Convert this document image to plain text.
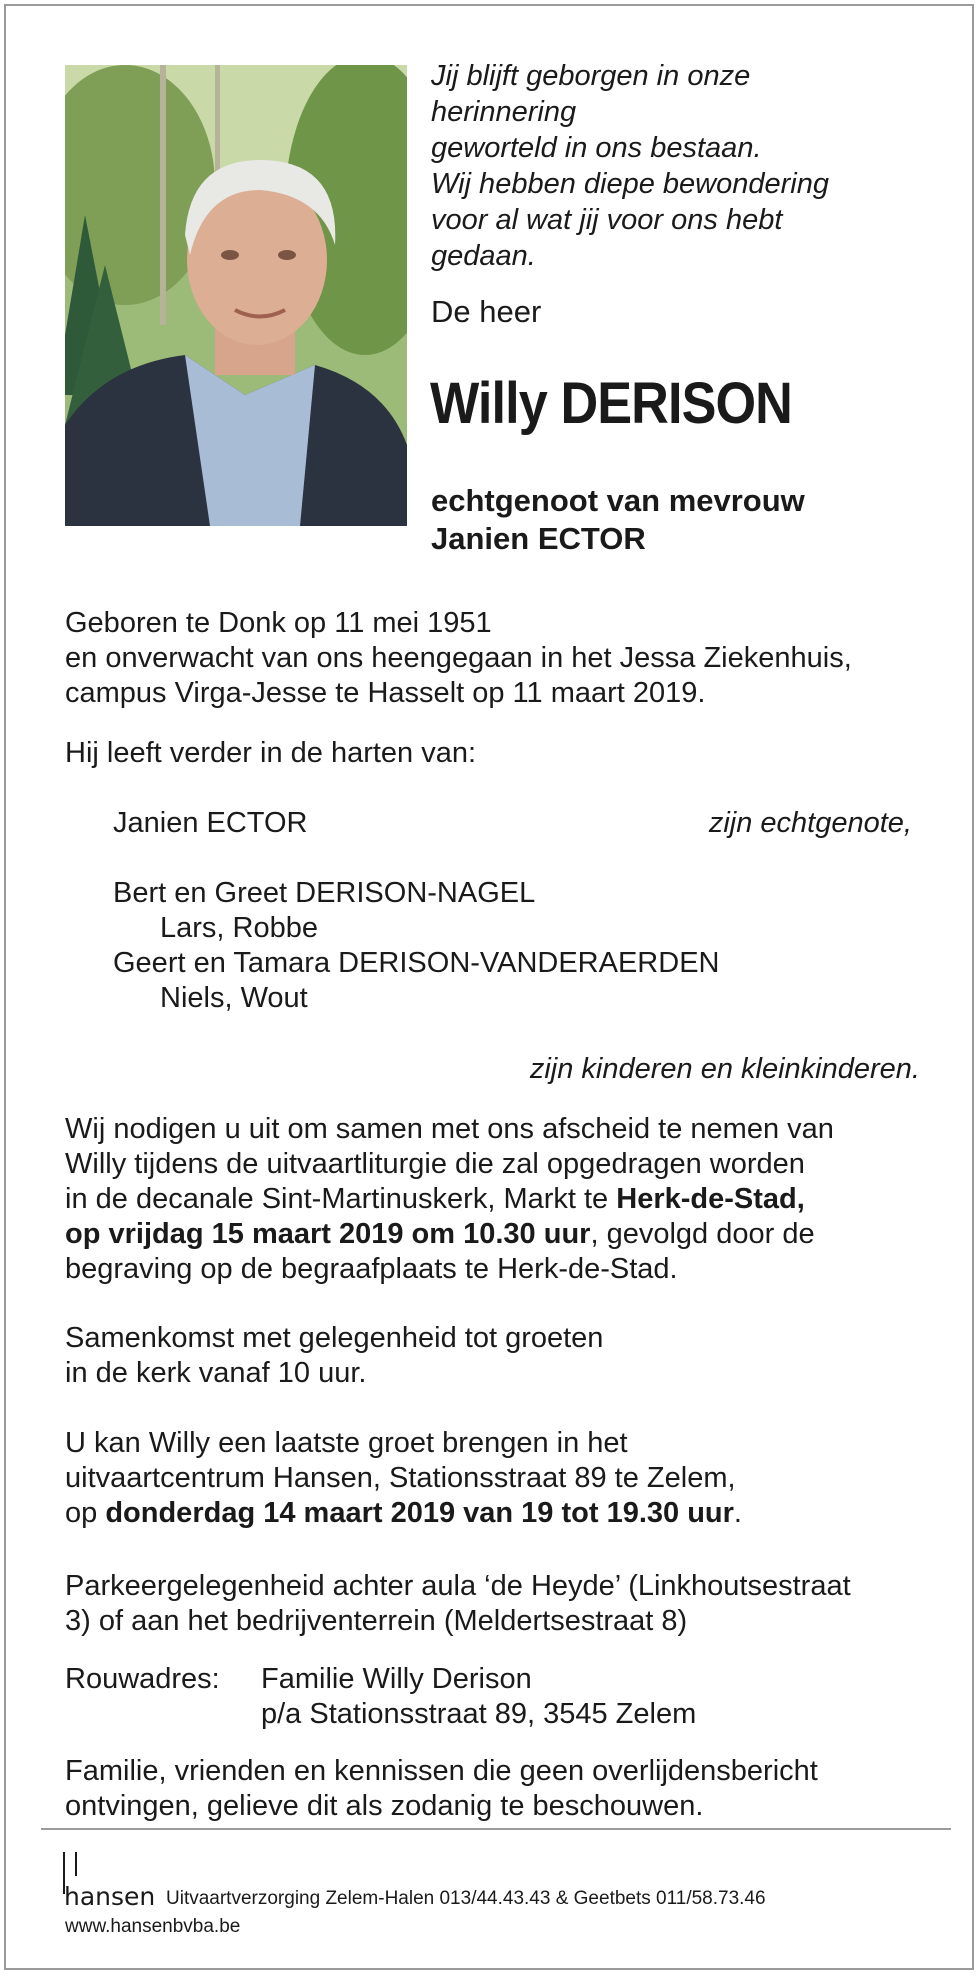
Jij blijft geborgen in onze
herinnering
geworteld in ons bestaan.
Wij hebben diepe bewondering
voor al wat jij voor ons hebt
gedaan.
De heer
Willy DERISON
echtgenoot van mevrouw
Janien ECTOR
Geboren te Donk op 11 mei 1951
en onverwacht van ons heengegaan in het Jessa Ziekenhuis,
campus Virga-Jesse te Hasselt op 11 maart 2019.
Hij leeft verder in de harten van:
Janien ECTOR	zijn echtgenote,
Bert en Greet DERISON-NAGEL
Lars, Robbe
Geert en Tamara DERISON-VANDERAERDEN
Niels, Wout
zijn kinderen en kleinkinderen.
Wij nodigen u uit om samen met ons afscheid te nemen van
Willy tijdens de uitvaartliturgie die zal opgedragen worden
in de decanale Sint-Martinuskerk, Markt te Herk-de-Stad,
op vrijdag 15 maart 2019 om 10.30 uur, gevolgd door de
begraving op de begraafplaats te Herk-de-Stad.
Samenkomst met gelegenheid tot groeten
in de kerk vanaf 10 uur.
U kan Willy een laatste groet brengen in het
uitvaartcentrum Hansen, Stationsstraat 89 te Zelem,
op donderdag 14 maart 2019 van 19 tot 19.30 uur.
Parkeergelegenheid achter aula ‘de Heyde’ (Linkhoutsestraat
3) of aan het bedrijventerrein (Meldertsestraat 8)
Rouwadres: Familie Willy Derison
p/a Stationsstraat 89, 3545 Zelem
Familie, vrienden en kennissen die geen overlijdensbericht
ontvingen, gelieve dit als zodanig te beschouwen.
hansen Uitvaartverzorging Zelem-Halen 013/44.43.43 & Geetbets 011/58.73.46
www.hansenbvba.be
